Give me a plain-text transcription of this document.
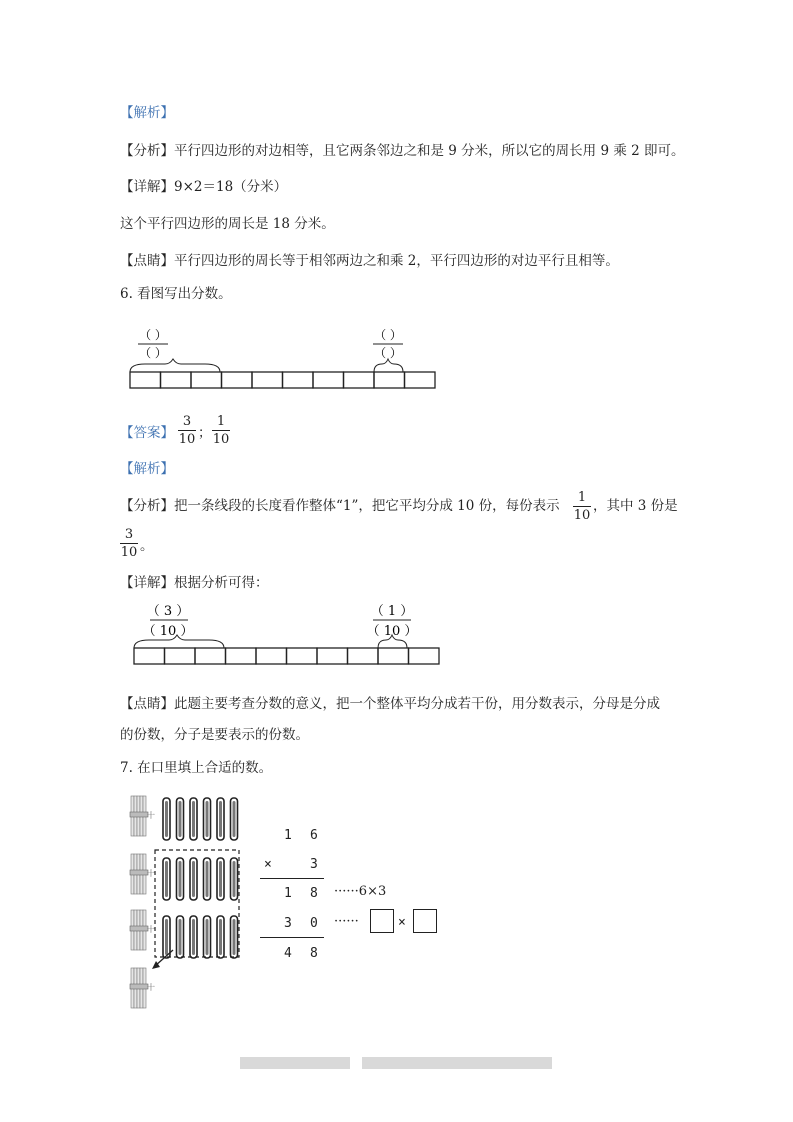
【解析】
【分析】平行四边形的对边相等，且它两条邻边之和是 9 分米，所以它的周长用 9 乘 2 即可。
【详解】9×2＝18（分米）
这个平行四边形的周长是 18 分米。
【点睛】平行四边形的周长等于相邻两边之和乘 2，平行四边形的对边平行且相等。
6. 看图写出分数。
（ ）
（ ）
（ ）
（ ）
【答案】
3
10 ；
1
10
【解析】
【分析】把一条线段的长度看作整体“1”，把它平均分成 10 份，每份表示
1
10
，其中 3 份是
3
10 。
【详解】根据分析可得：
（ 3 ）
（ 10 ）
（ 1 ）
（ 10 ）
【点睛】此题主要考查分数的意义，把一个整体平均分成若干份，用分数表示，分母是分成
的份数，分子是要表示的份数。
7. 在口里填上合适的数。
十
十
十
十
1 6
×	3
1 8 ······6×3
3 0 ······	×
4 8
